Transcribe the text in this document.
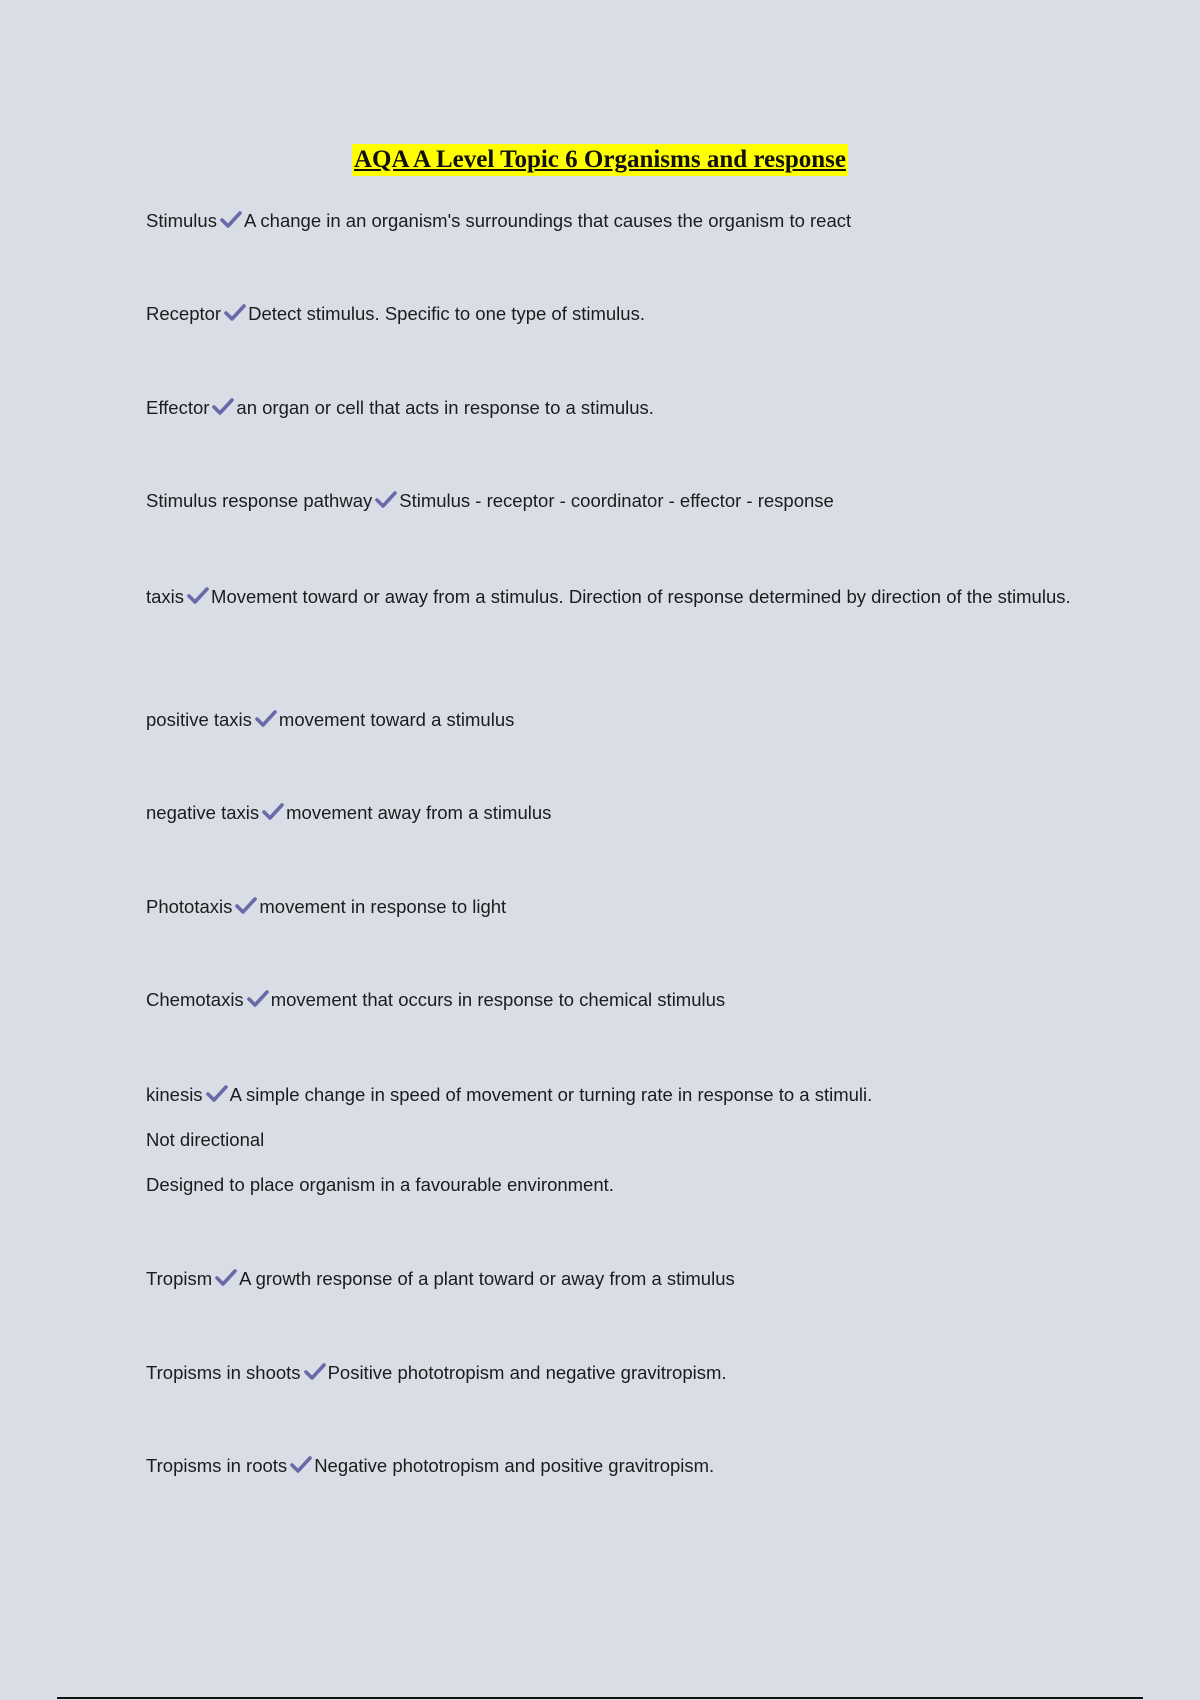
AQA A Level Topic 6 Organisms and response
Stimulus A change in an organism's surroundings that causes the organism to react
Receptor Detect stimulus. Specific to one type of stimulus.
Effector an organ or cell that acts in response to a stimulus.
Stimulus response pathway Stimulus - receptor - coordinator - effector - response
taxis Movement toward or away from a stimulus. Direction of response determined by direction of the stimulus.
positive taxis movement toward a stimulus
negative taxis movement away from a stimulus
Phototaxis movement in response to light
Chemotaxis movement that occurs in response to chemical stimulus
kinesis A simple change in speed of movement or turning rate in response to a stimuli.
Not directional
Designed to place organism in a favourable environment.
Tropism A growth response of a plant toward or away from a stimulus
Tropisms in shoots Positive phototropism and negative gravitropism.
Tropisms in roots Negative phototropism and positive gravitropism.
